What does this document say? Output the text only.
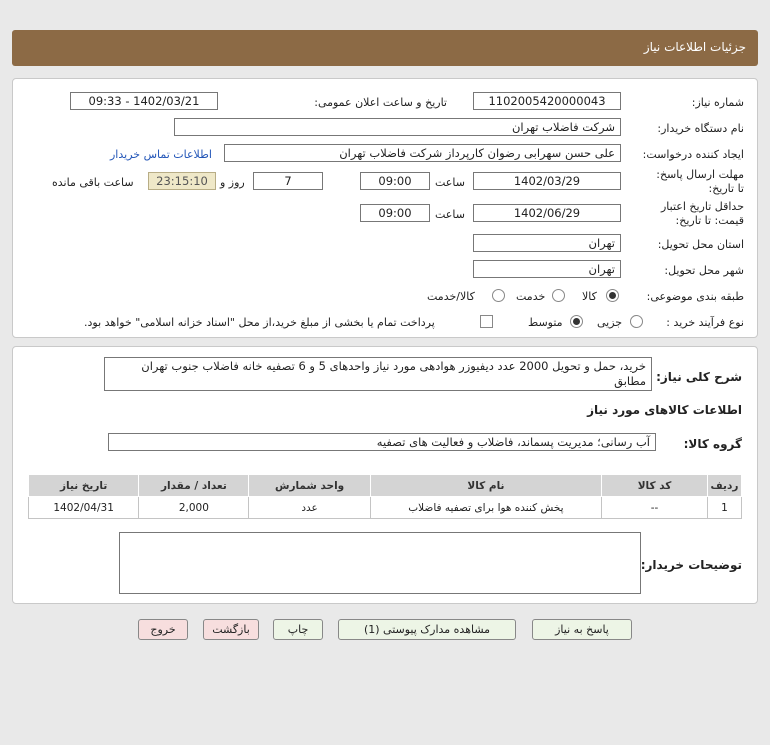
جزئیات اطلاعات نیاز
شماره نیاز:
1102005420000043
تاریخ و ساعت اعلان عمومی:
1402/03/21 - 09:33
نام دستگاه خریدار:
شرکت فاضلاب تهران
ایجاد کننده درخواست:
علی حسن سهرابی رضوان کارپرداز شرکت فاضلاب تهران
اطلاعات تماس خریدار
مهلت ارسال پاسخ: تا تاریخ:
1402/03/29
ساعت
09:00
7
روز و
23:15:10
ساعت باقی مانده
حداقل تاریخ اعتبار قیمت: تا تاریخ:
1402/06/29
ساعت
09:00
استان محل تحویل:
تهران
شهر محل تحویل:
تهران
طبقه بندی موضوعی:
کالا
خدمت
کالا/خدمت
نوع فرآیند خرید :
جزیی
متوسط
پرداخت تمام یا بخشی از مبلغ خرید،از محل "اسناد خزانه اسلامی" خواهد بود.
شرح کلی نیاز:
خرید، حمل و تحویل 2000 عدد دیفیوزر هوادهی مورد نیاز واحدهای 5 و 6 تصفیه خانه فاضلاب جنوب تهران مطابق
اطلاعات کالاهای مورد نیاز
گروه کالا:
آب رسانی؛ مدیریت پسماند، فاضلاب و فعالیت های تصفیه
ردیف	کد کالا	نام کالا	واحد شمارش	تعداد / مقدار	تاریخ نیاز
1	--	پخش کننده هوا برای تصفیه فاضلاب	عدد	2,000	1402/04/31
توضیحات خریدار:
پاسخ به نیاز
مشاهده مدارک پیوستی (1)
چاپ
بازگشت
خروج
